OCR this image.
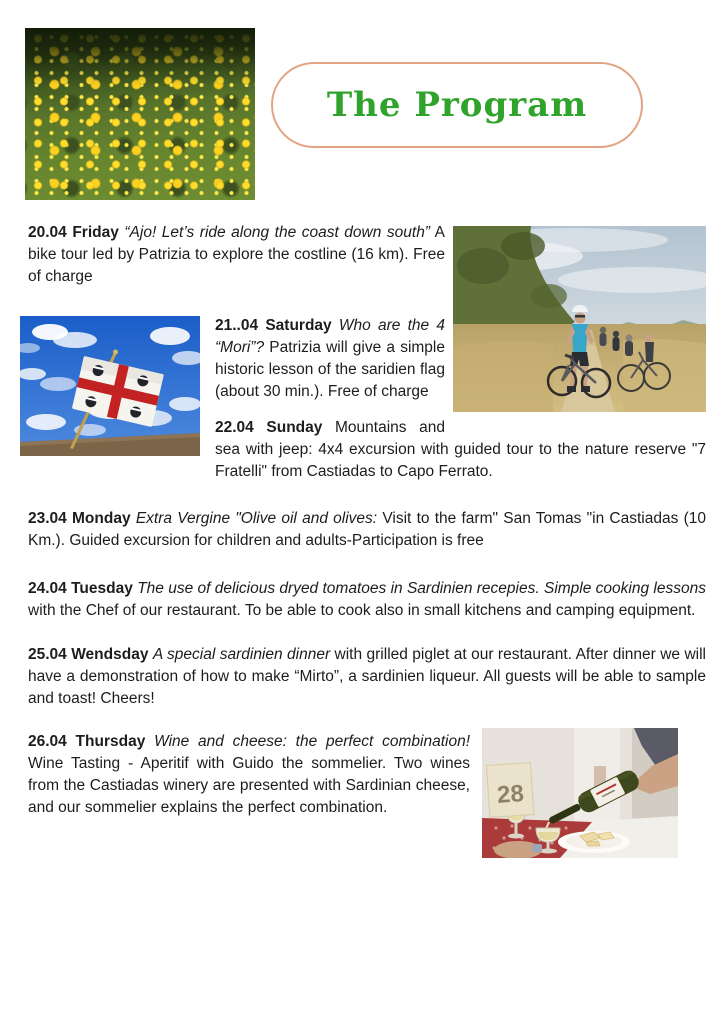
The Program

20.04 Friday “Ajo! Let’s ride along the coast down south” A bike tour led by Patrizia to explore the costline (16 km). Free of charge

21..04 Saturday Who are the 4 “Mori”? Patrizia will give a simple historic lesson of the saridien flag (about 30 min.). Free of charge

22.04 Sunday Mountains and sea with jeep: 4x4 excursion with guided tour to the nature reserve "7 Fratelli" from Castiadas to Capo Ferrato.

23.04 Monday Extra Vergine "Olive oil and olives: Visit to the farm" San Tomas "in Castiadas (10 Km.). Guided excursion for children and adults-Participation is free

24.04 Tuesday The use of delicious dryed tomatoes in Sardinien recepies. Simple cooking lessons with the Chef of our restaurant. To be able to cook also in small kitchens and camping equipment.

25.04 Wendsday A special sardinien dinner with grilled piglet at our restaurant. After dinner we will have a demonstration of how to make “Mirto”, a sardinien liqueur. All guests will be able to sample and toast! Cheers!

28

26.04 Thursday Wine and cheese: the perfect combination! Wine Tasting - Aperitif with Guido the sommelier. Two wines from the Castiadas winery are presented with Sardinian cheese, and our sommelier explains the perfect combination.
